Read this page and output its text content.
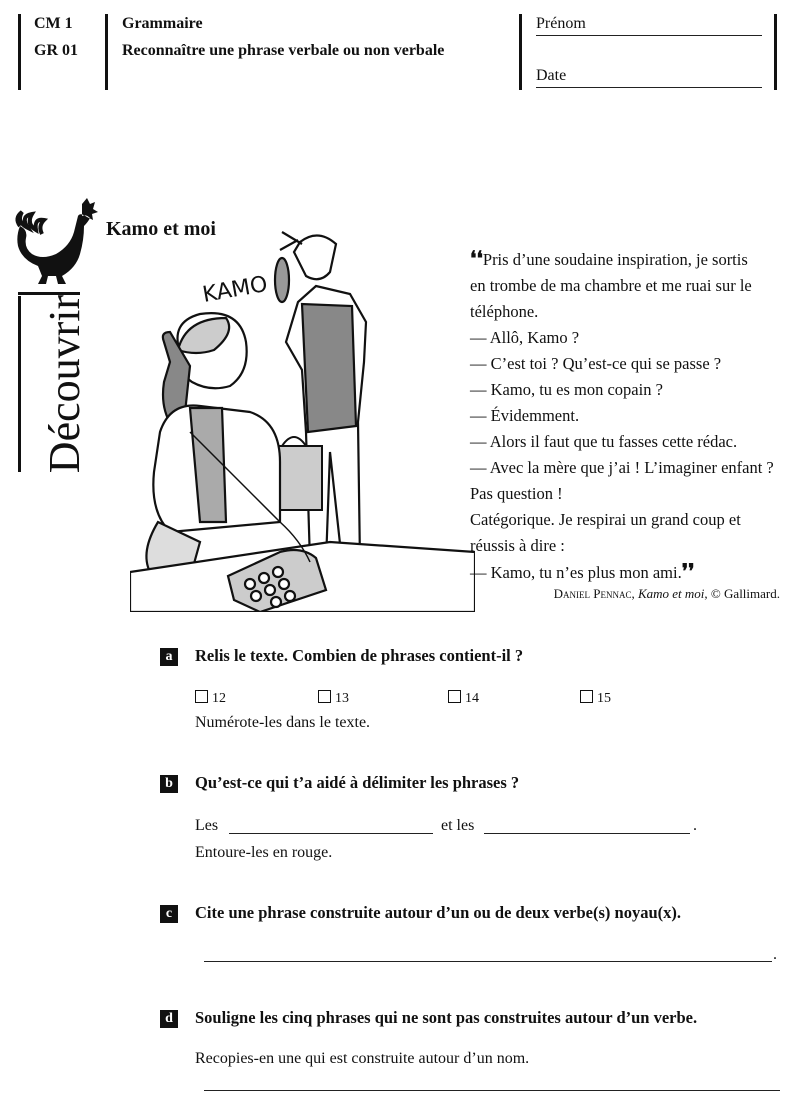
CM 1
GR 01
Grammaire
Reconnaître une phrase verbale ou non verbale
Prénom
Date
Découvrir
Kamo et moi
KAMO

❛❛Pris d’une soudaine inspiration, je sortis

en trombe de ma chambre et me ruai sur le

téléphone.

— Allô, Kamo ?

— C’est toi ? Qu’est-ce qui se passe ?

— Kamo, tu es mon copain ?

— Évidemment.

— Alors il faut que tu fasses cette rédac.

— Avec la mère que j’ai ! L’imaginer enfant ?

Pas question !

Catégorique. Je respirai un grand coup et

réussis à dire :

— Kamo, tu n’es plus mon ami.❜❜

Daniel Pennac, Kamo et moi, © Gallimard.
a	Relis le texte. Combien de phrases contient-il ?
12	13	14	15
Numérote-les dans le texte.
b	Qu’est-ce qui t’a aidé à délimiter les phrases ?
Les	et les	.
Entoure-les en rouge.
c	Cite une phrase construite autour d’un ou de deux verbe(s) noyau(x).
.
d	Souligne les cinq phrases qui ne sont pas construites autour d’un verbe.
Recopies-en une qui est construite autour d’un nom.
